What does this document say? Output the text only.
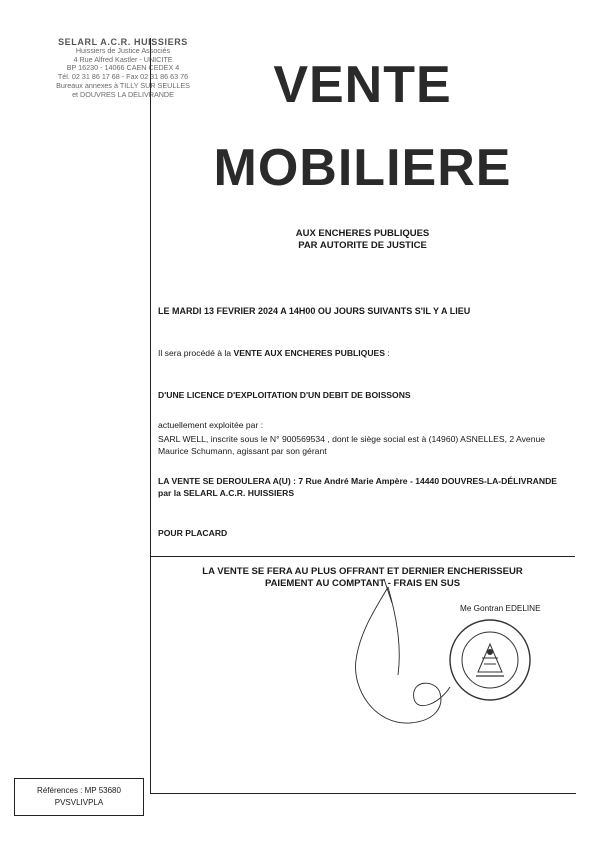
SELARL A.C.R. HUISSIERS
Huissiers de Justice Associés
4 Rue Alfred Kastler - UNICITE
BP 16230 - 14066 CAEN CEDEX 4
Tél. 02 31 86 17 68 - Fax 02 31 86 63 76
Bureaux annexes à TILLY SUR SEULLES
et DOUVRES LA DELIVRANDE	VENTE
MOBILIERE
AUX ENCHERES PUBLIQUES
PAR AUTORITE DE JUSTICE
LE MARDI 13 FEVRIER 2024 A 14H00 OU JOURS SUIVANTS S'IL Y A LIEU
Il sera procédé à la VENTE AUX ENCHERES PUBLIQUES :
D'UNE LICENCE D'EXPLOITATION D'UN DEBIT DE BOISSONS
actuellement exploitée par :
SARL WELL, inscrite sous le N° 900569534 , dont le siège social est à (14960) ASNELLES, 2 Avenue Maurice Schumann, agissant par son gérant
LA VENTE SE DEROULERA A(U) : 7 Rue André Marie Ampère - 14440 DOUVRES-LA-DÉLIVRANDE par la SELARL A.C.R. HUISSIERS
POUR PLACARD
LA VENTE SE FERA AU PLUS OFFRANT ET DERNIER ENCHERISSEUR
PAIEMENT AU COMPTANT - FRAIS EN SUS
Me Gontran EDELINE
Références : MP 53680
PVSVLIVPLA
